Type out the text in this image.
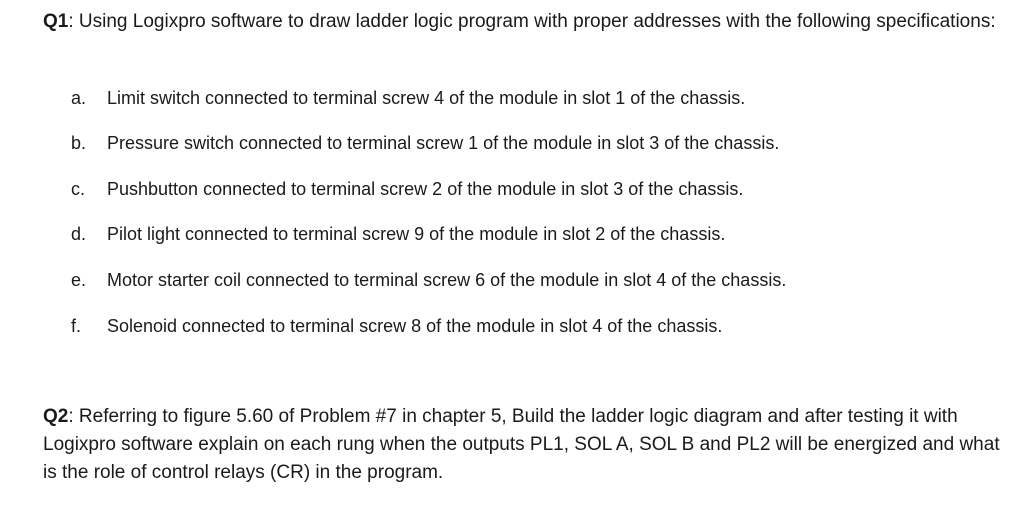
Q1: Using Logixpro software to draw ladder logic program with proper addresses with the following specifications:
a. Limit switch connected to terminal screw 4 of the module in slot 1 of the chassis.
b. Pressure switch connected to terminal screw 1 of the module in slot 3 of the chassis.
c. Pushbutton connected to terminal screw 2 of the module in slot 3 of the chassis.
d. Pilot light connected to terminal screw 9 of the module in slot 2 of the chassis.
e. Motor starter coil connected to terminal screw 6 of the module in slot 4 of the chassis.
f. Solenoid connected to terminal screw 8 of the module in slot 4 of the chassis.
Q2: Referring to figure 5.60 of Problem #7 in chapter 5, Build the ladder logic diagram and after testing it with Logixpro software explain on each rung when the outputs PL1, SOL A, SOL B and PL2 will be energized and what is the role of control relays (CR) in the program.
